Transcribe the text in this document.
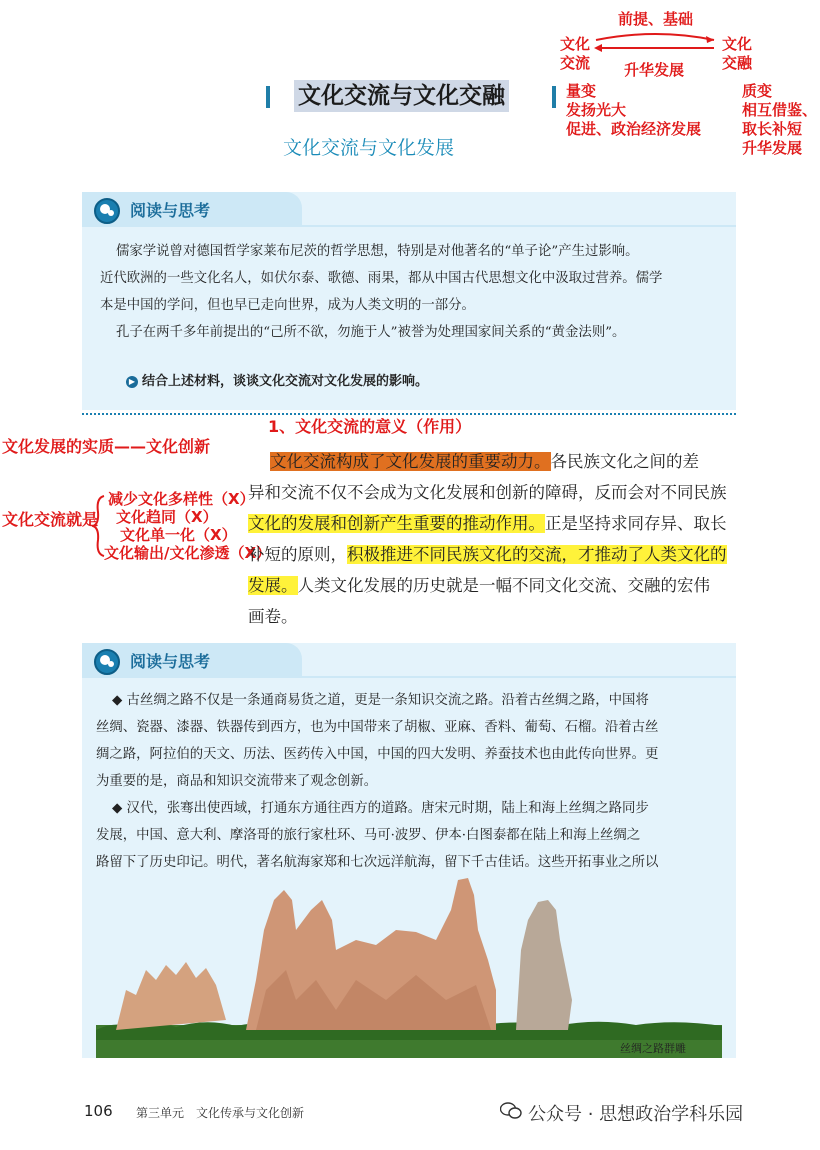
前提、基础
文化
交流 升华发展
文化
交融
量变
发扬光大
促进、政治经济发展
质变
相互借鉴、
取长补短
升华发展
文化交流与文化交融
文化交流与文化发展
阅读与思考
儒家学说曾对德国哲学家莱布尼茨的哲学思想，特别是对他著名的“单子论”产生过影响。
近代欧洲的一些文化名人，如伏尔泰、歌德、雨果，都从中国古代思想文化中汲取过营养。儒学
本是中国的学问，但也早已走向世界，成为人类文明的一部分。
孔子在两千多年前提出的“己所不欲，勿施于人”被誉为处理国家间关系的“黄金法则”。
▶ 结合上述材料，谈谈文化交流对文化发展的影响。
1、文化交流的意义（作用）
文化发展的实质——文化创新
文化交流就是
减少文化多样性（X）
文化趋同（X）
文化单一化（X）
文化输出/文化渗透（X）
文化交流构成了文化发展的重要动力。各民族文化之间的差
异和交流不仅不会成为文化发展和创新的障碍，反而会对不同民族
文化的发展和创新产生重要的推动作用。正是坚持求同存异、取长
补短的原则，积极推进不同民族文化的交流，才推动了人类文化的
发展。人类文化发展的历史就是一幅不同文化交流、交融的宏伟
画卷。
阅读与思考
◆ 古丝绸之路不仅是一条通商易货之道，更是一条知识交流之路。沿着古丝绸之路，中国将
丝绸、瓷器、漆器、铁器传到西方，也为中国带来了胡椒、亚麻、香料、葡萄、石榴。沿着古丝
绸之路，阿拉伯的天文、历法、医药传入中国，中国的四大发明、养蚕技术也由此传向世界。更
为重要的是，商品和知识交流带来了观念创新。
◆ 汉代，张骞出使西域，打通东方通往西方的道路。唐宋元时期，陆上和海上丝绸之路同步
发展，中国、意大利、摩洛哥的旅行家杜环、马可·波罗、伊本·白图泰都在陆上和海上丝绸之
路留下了历史印记。明代，著名航海家郑和七次远洋航海，留下千古佳话。这些开拓事业之所以
丝绸之路群雕
106 第三单元　文化传承与文化创新	公众号 · 思想政治学科乐园
